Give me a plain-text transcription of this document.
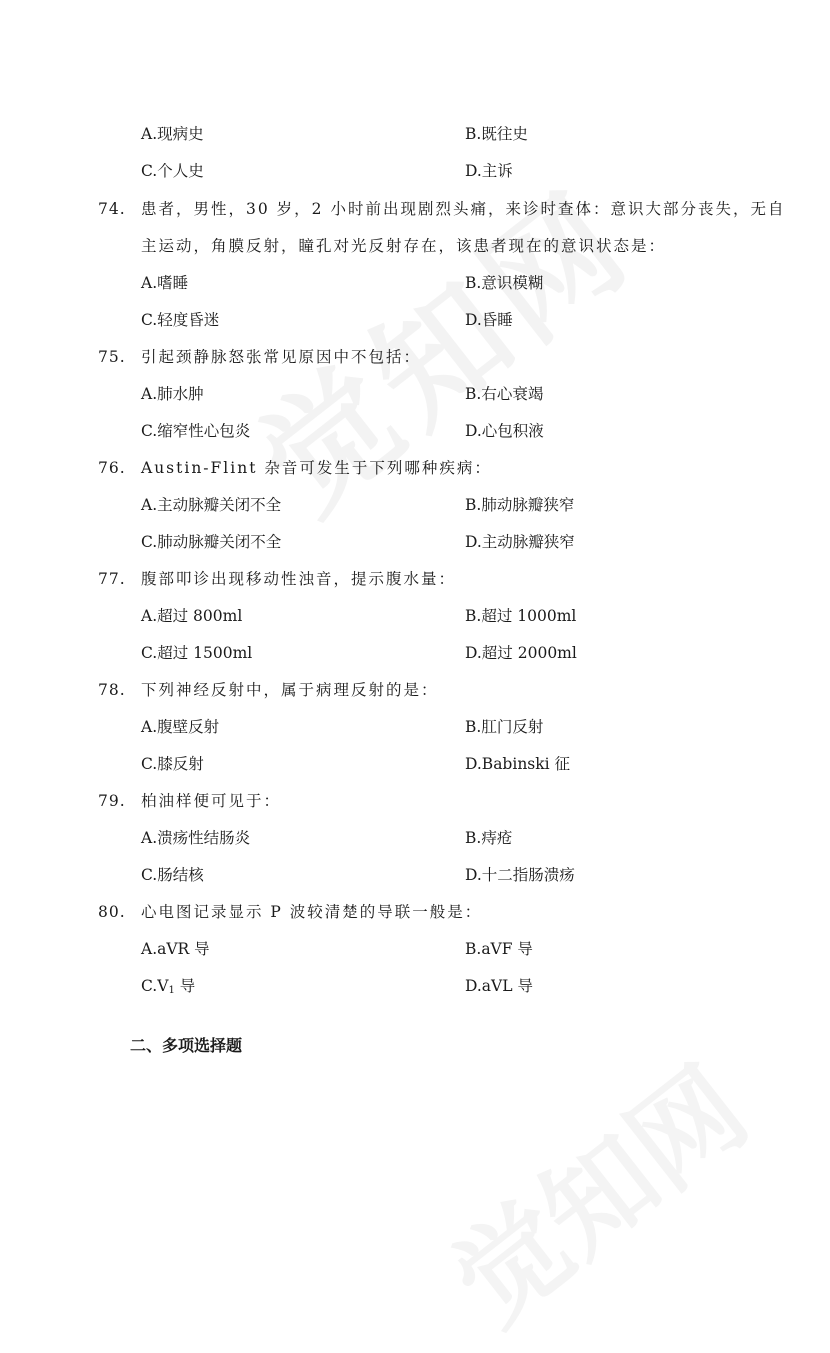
A.现病史	B.既往史
C.个人史	D.主诉
74. 患者，男性，30 岁，2 小时前出现剧烈头痛，来诊时查体：意识大部分丧失，无自
主运动，角膜反射，瞳孔对光反射存在，该患者现在的意识状态是：
A.嗜睡	B.意识模糊
C.轻度昏迷	D.昏睡
75. 引起颈静脉怒张常见原因中不包括：
A.肺水肿	B.右心衰竭
C.缩窄性心包炎	D.心包积液
76. Austin-Flint 杂音可发生于下列哪种疾病：
A.主动脉瓣关闭不全	B.肺动脉瓣狭窄
C.肺动脉瓣关闭不全	D.主动脉瓣狭窄
77. 腹部叩诊出现移动性浊音，提示腹水量：
A.超过 800ml	B.超过 1000ml
C.超过 1500ml	D.超过 2000ml
78. 下列神经反射中，属于病理反射的是：
A.腹壁反射	B.肛门反射
C.膝反射	D.Babinski 征
79. 柏油样便可见于：
A.溃疡性结肠炎	B.痔疮
C.肠结核	D.十二指肠溃疡
80. 心电图记录显示 P 波较清楚的导联一般是：
A.aVR 导	B.aVF 导
$C.V_1$ 导	D.aVL 导
二、多项选择题
